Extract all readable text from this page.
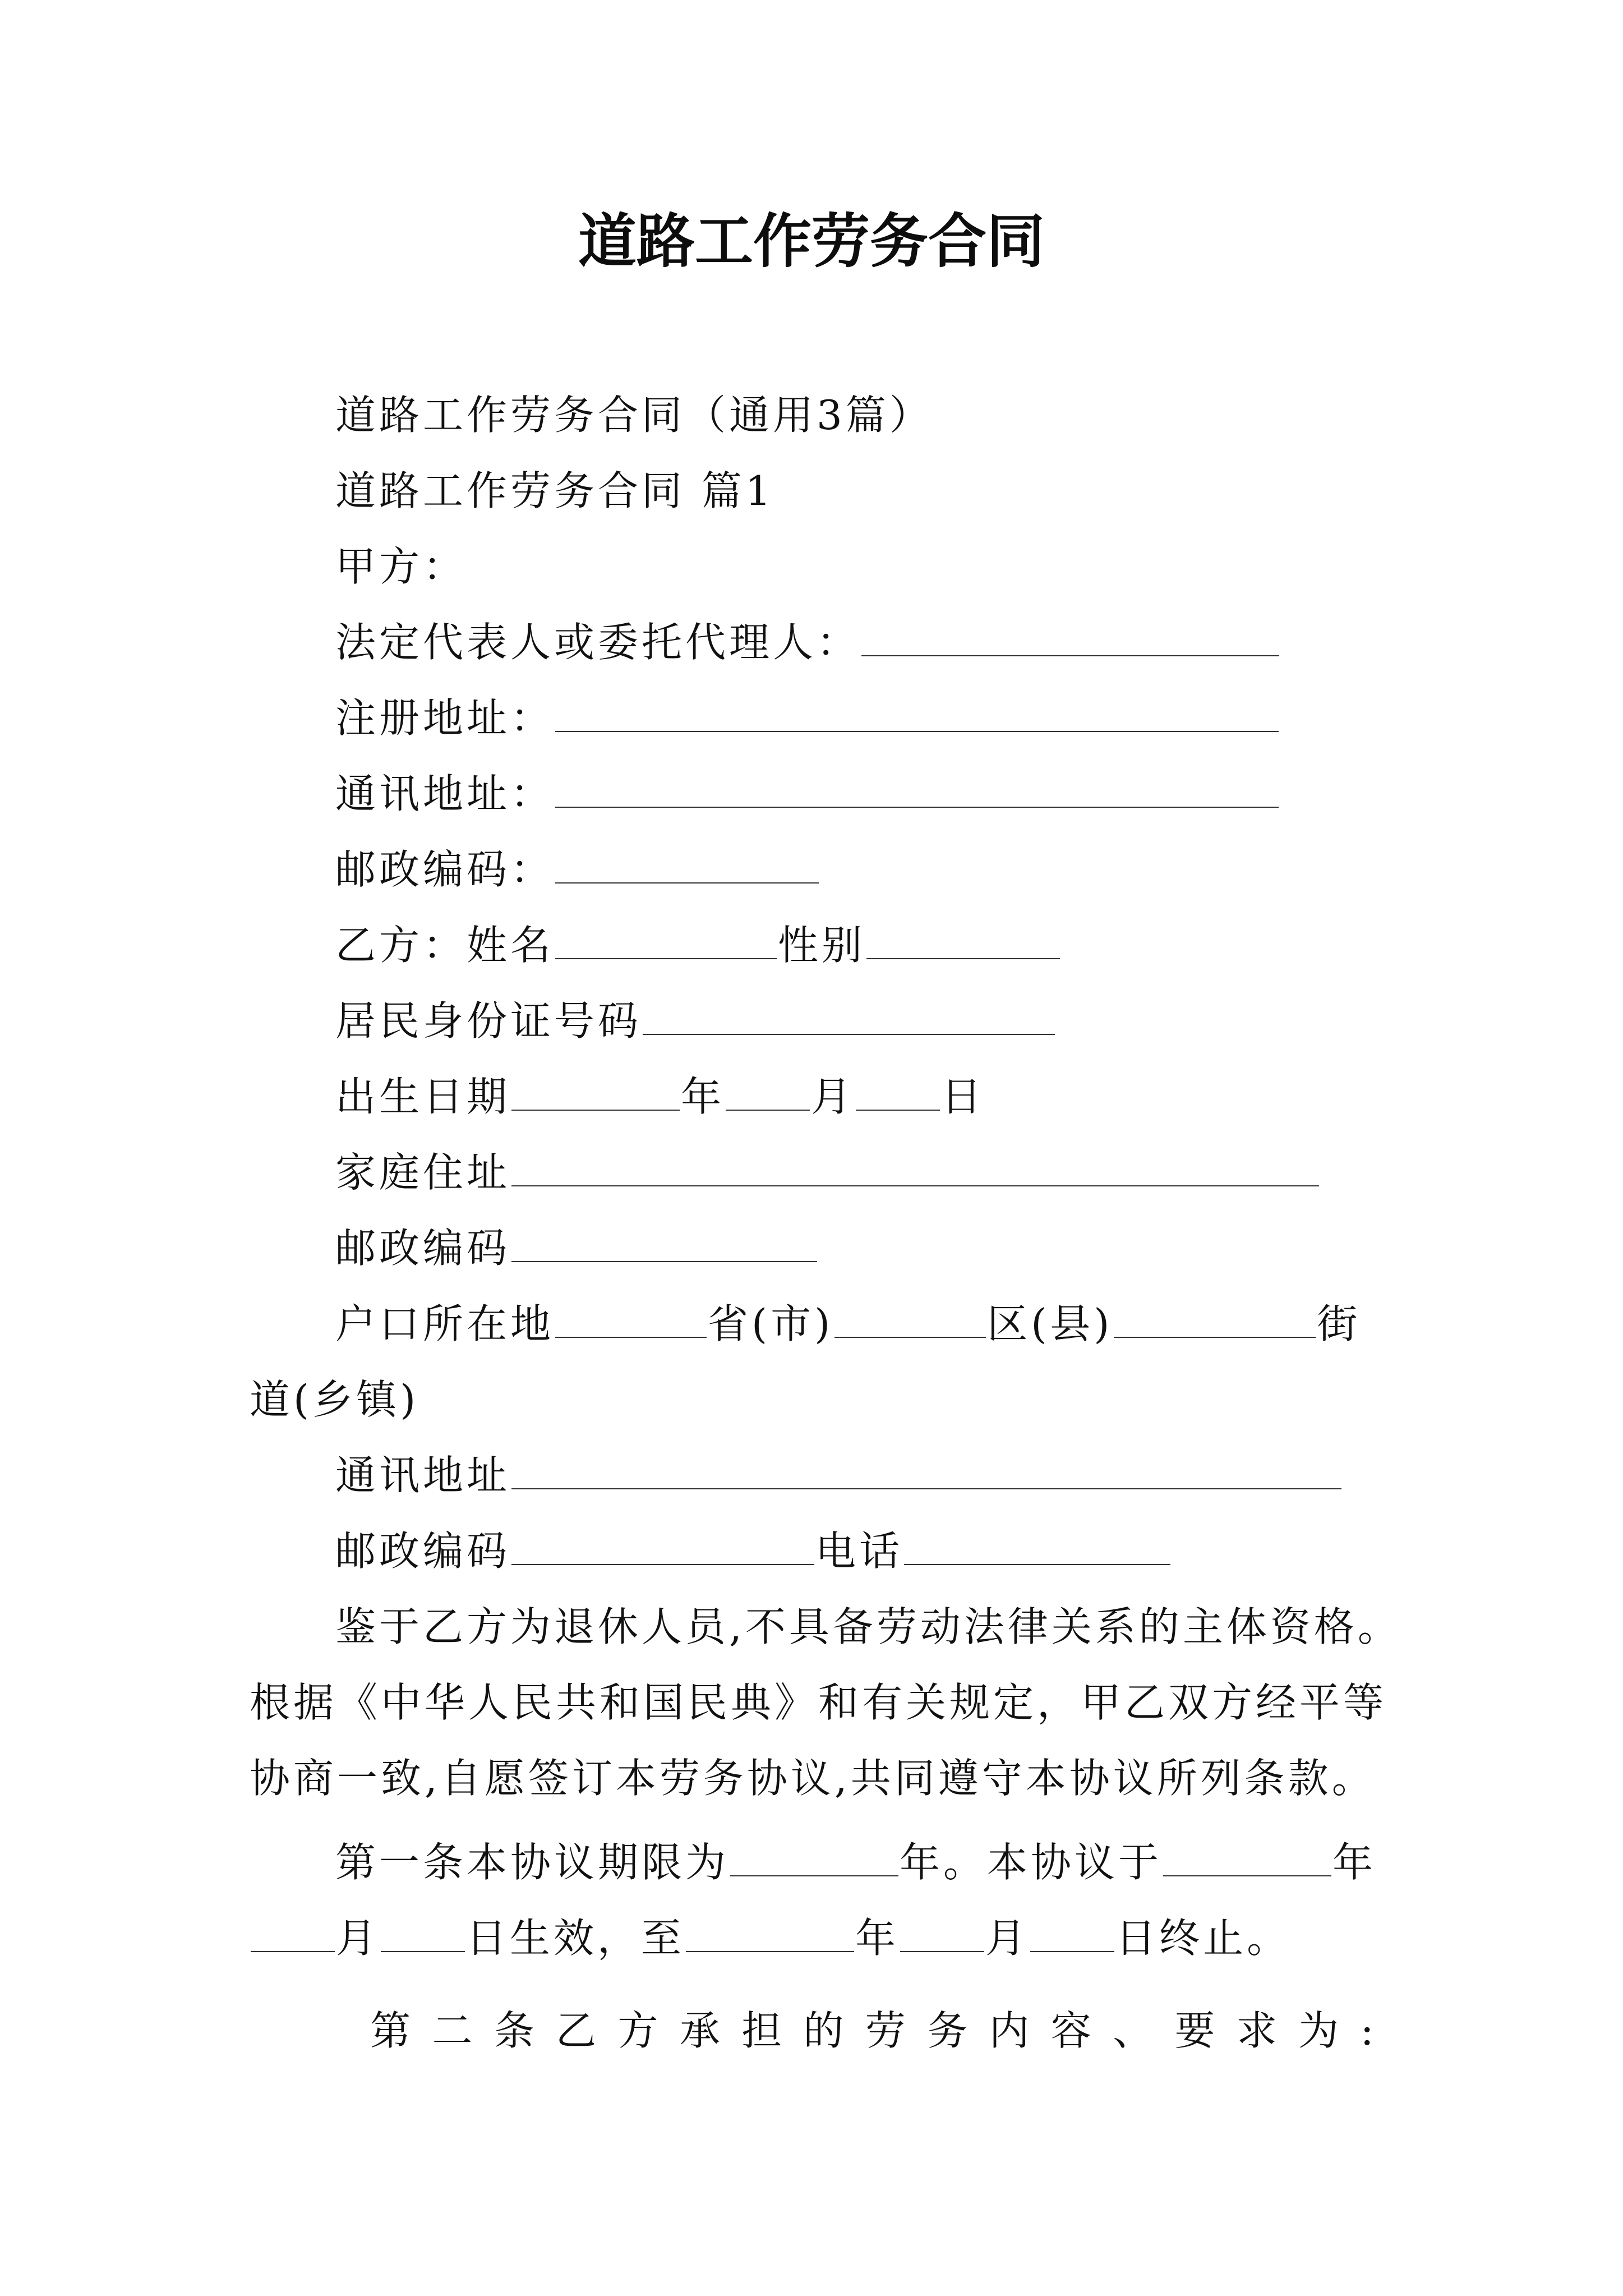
道路工作劳务合同
道路工作劳务合同（通用3篇）
道路工作劳务合同 篇1
甲方：
法定代表人或委托代理人：
注册地址：
通讯地址：
邮政编码：
乙方：姓名	性别
居民身份证号码
出生日期	年 月 日
家庭住址
邮政编码
户口所在地	省(市)	区(县)	街
道(乡镇)
通讯地址
邮政编码	电话
鉴于乙方为退休人员,不具备劳动法律关系的主体资格。
根据《中华人民共和国民典》和有关规定，甲乙双方经平等
协商一致,自愿签订本劳务协议,共同遵守本协议所列条款。
第一条本协议期限为	年。本协议于	年
月 日生效，至	年 月 日终止。
第 二 条 乙 方 承 担 的 劳 务 内 容 、 要 求 为 :
